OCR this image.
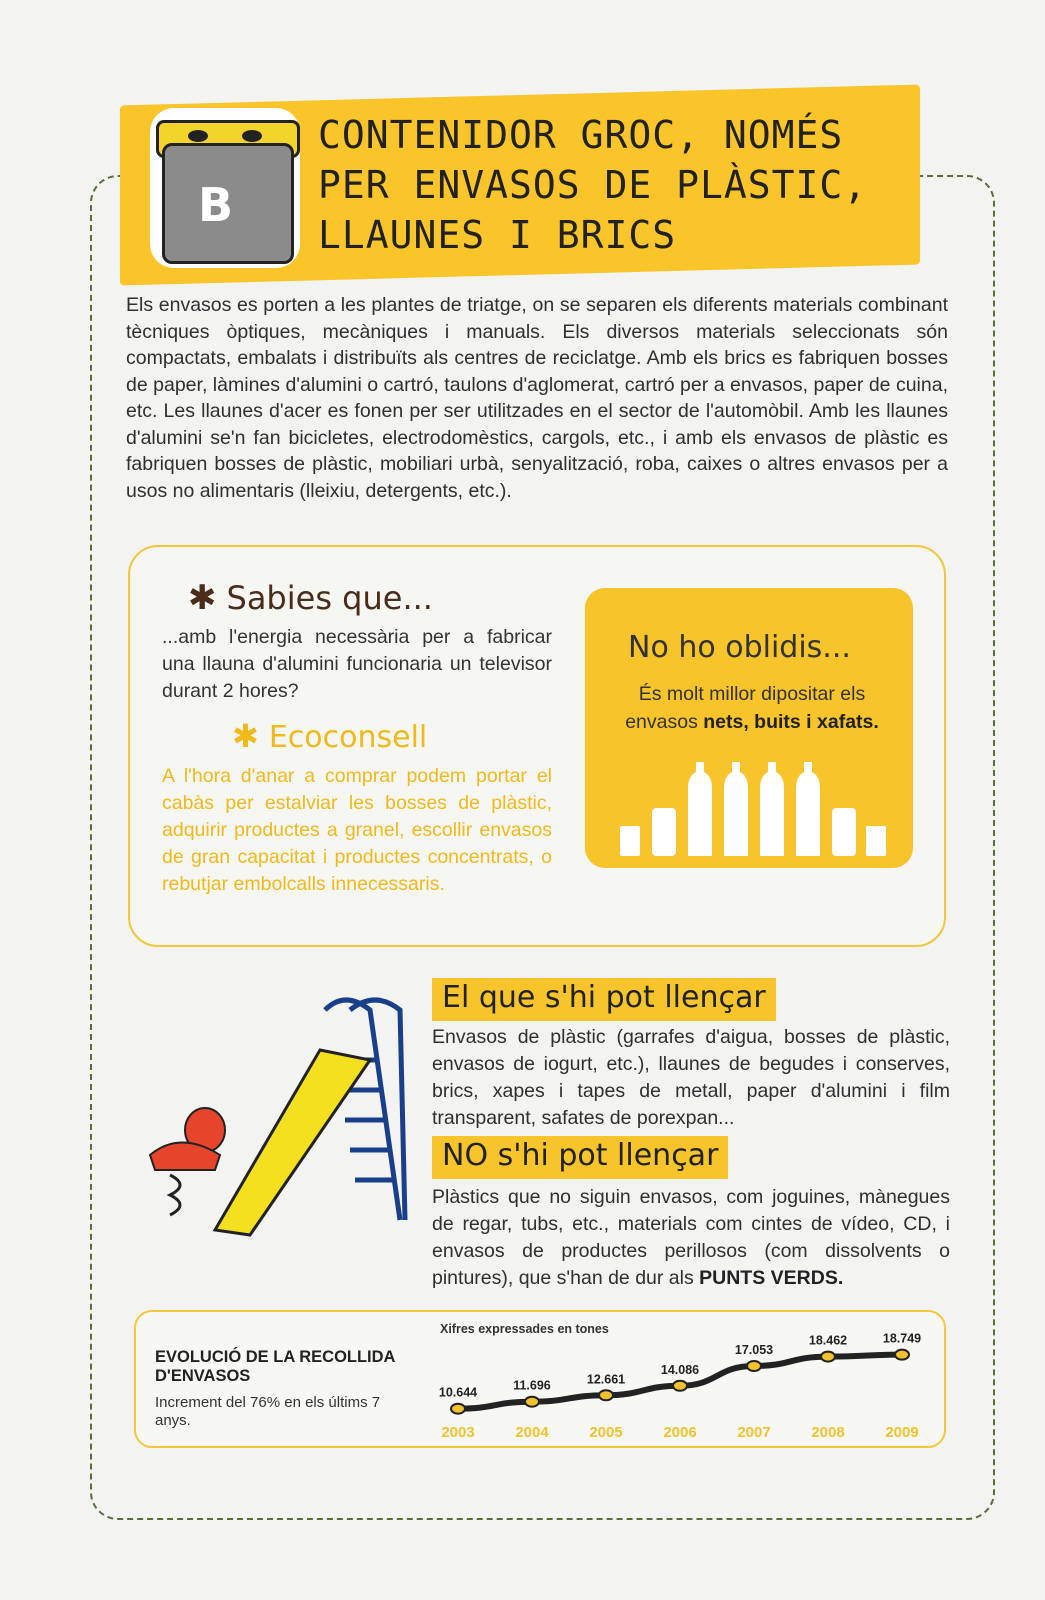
B
CONTENIDOR GROC, NOMÉS
PER ENVASOS DE PLÀSTIC,
LLAUNES I BRICS
Els envasos es porten a les plantes de triatge, on se separen els diferents materials combinant tècniques òptiques, mecàniques i manuals. Els diversos materials seleccionats són compactats, embalats i distribuïts als centres de reciclatge. Amb els brics es fabriquen bosses de paper, làmines d'alumini o cartró, taulons d'aglomerat, cartró per a envasos, paper de cuina, etc. Les llaunes d'acer es fonen per ser utilitzades en el sector de l'automòbil. Amb les llaunes d'alumini se'n fan bicicletes, electrodomèstics, cargols, etc., i amb els envasos de plàstic es fabriquen bosses de plàstic, mobiliari urbà, senyalització, roba, caixes o altres envasos per a usos no alimentaris (lleixiu, detergents, etc.).
✱ Sabies que...
...amb l'energia necessària per a fabricar una llauna d'alumini funcionaria un televisor durant 2 hores?
✱ Ecoconsell
A l'hora d'anar a comprar podem portar el cabàs per estalviar les bosses de plàstic, adquirir productes a granel, escollir envasos de gran capacitat i productes concentrats, o rebutjar embolcalls innecessaris.
No ho oblidis...
És molt millor dipositar els envasos nets, buits i xafats.
El que s'hi pot llençar
Envasos de plàstic (garrafes d'aigua, bosses de plàstic, envasos de iogurt, etc.), llaunes de begudes i conserves, brics, xapes i tapes de metall, paper d'alumini i film transparent, safates de porexpan...
NO s'hi pot llençar
Plàstics que no siguin envasos, com joguines, mànegues de regar, tubs, etc., materials com cintes de vídeo, CD, i envasos de productes perillosos (com dissolvents o pintures), que s'han de dur als PUNTS VERDS.
EVOLUCIÓ DE LA RECOLLIDA D'ENVASOS
Increment del 76% en els últims 7 anys.
Xifres expressades en tones
10.644
2003
11.696
2004
12.661
2005
14.086
2006
17.053
2007
18.462
2008
18.749
2009
